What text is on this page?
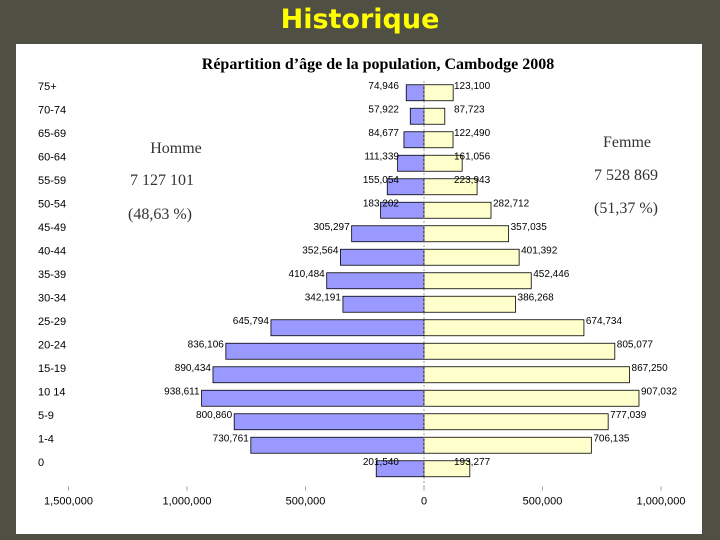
Historique
Répartition d’âge de la population, Cambodge 2008
75+
70-74
65-69
60-64
55-59
50-54
45-49
40-44
35-39
30-34
25-29
20-24
15-19
10 14
5-9
1-4
0
74,946	123,100
57,922	87,723
84,677	122,490
111,339	161,056
155,054	223,943
183,202	282,712
305,297	357,035
352,564	401,392
410,484	452,446
342,191	386,268
645,794	674,734
836,106	805,077
890,434	867,250
938,611	907,032
800,860	777,039
730,761	706,135
201,540	193,277
1,500,000	1,000,000	500,000	0	500,000	1,000,000
Homme
7 127 101
(48,63 %)
Femme
7 528 869
(51,37 %)
